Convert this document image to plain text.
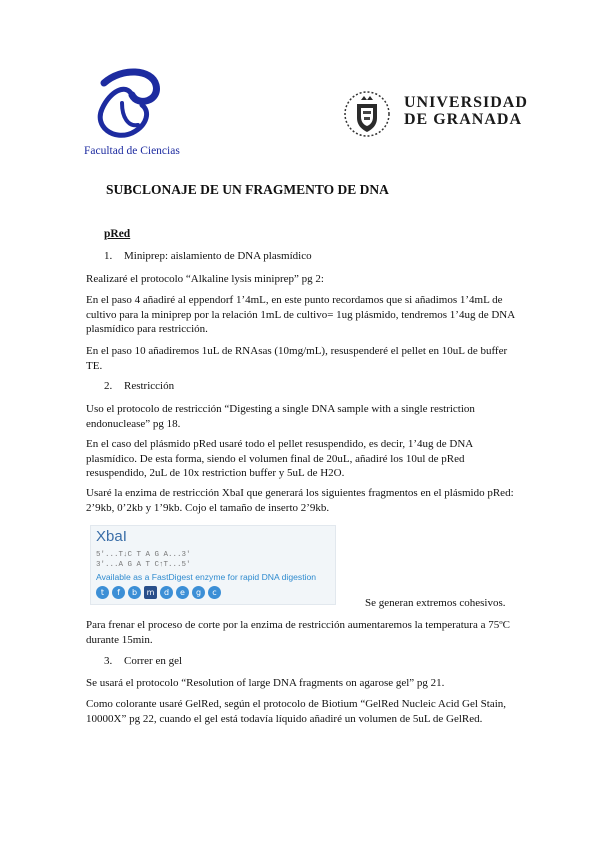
Facultad de Ciencias
UNIVERSIDAD
DE GRANADA
SUBCLONAJE DE UN FRAGMENTO DE DNA
pRed
1. Miniprep: aislamiento de DNA plasmídico

Realizaré el protocolo “Alkaline lysis miniprep” pg 2:

En el paso 4 añadiré al eppendorf 1’4mL, en este punto recordamos que si añadimos 1’4mL de cultivo para la miniprep por la relación 1mL de cultivo= 1ug plásmido, tendremos 1’4ug de DNA plasmídico para restricción.

En el paso 10 añadiremos 1uL de RNAsas (10mg/mL), resuspenderé el pellet en 10uL de buffer TE.

2. Restricción

Uso el protocolo de restricción “Digesting a single DNA sample with a single restriction endonuclease” pg 18.

En el caso del plásmido pRed usaré todo el pellet resuspendido, es decir, 1’4ug de DNA plasmídico. De esta forma, siendo el volumen final de 20uL, añadiré los 10ul de pRed resuspendido, 2uL de 10x restriction buffer y 5uL de H2O.

Usaré la enzima de restricción XbaI que generará los siguientes fragmentos en el plásmido pRed: 2’9kb, 0’2kb y 1’9kb. Cojo el tamaño de inserto 2’9kb.

XbaI
5'...T↓C T A G A...3'
3'...A G A T C↑T...5'
Available as a FastDigest enzyme for rapid DNA digestion
t	f	b	m	d	e	g	c
Se generan extremos cohesivos.

Para frenar el proceso de corte por la enzima de restricción aumentaremos la temperatura a 75ºC durante 15min.

3. Correr en gel

Se usará el protocolo “Resolution of large DNA fragments on agarose gel” pg 21.

Como colorante usaré GelRed, según el protocolo de Biotium “GelRed Nucleic Acid Gel Stain, 10000X” pg 22, cuando el gel está todavía líquido añadiré un volumen de 5uL de GelRed.
